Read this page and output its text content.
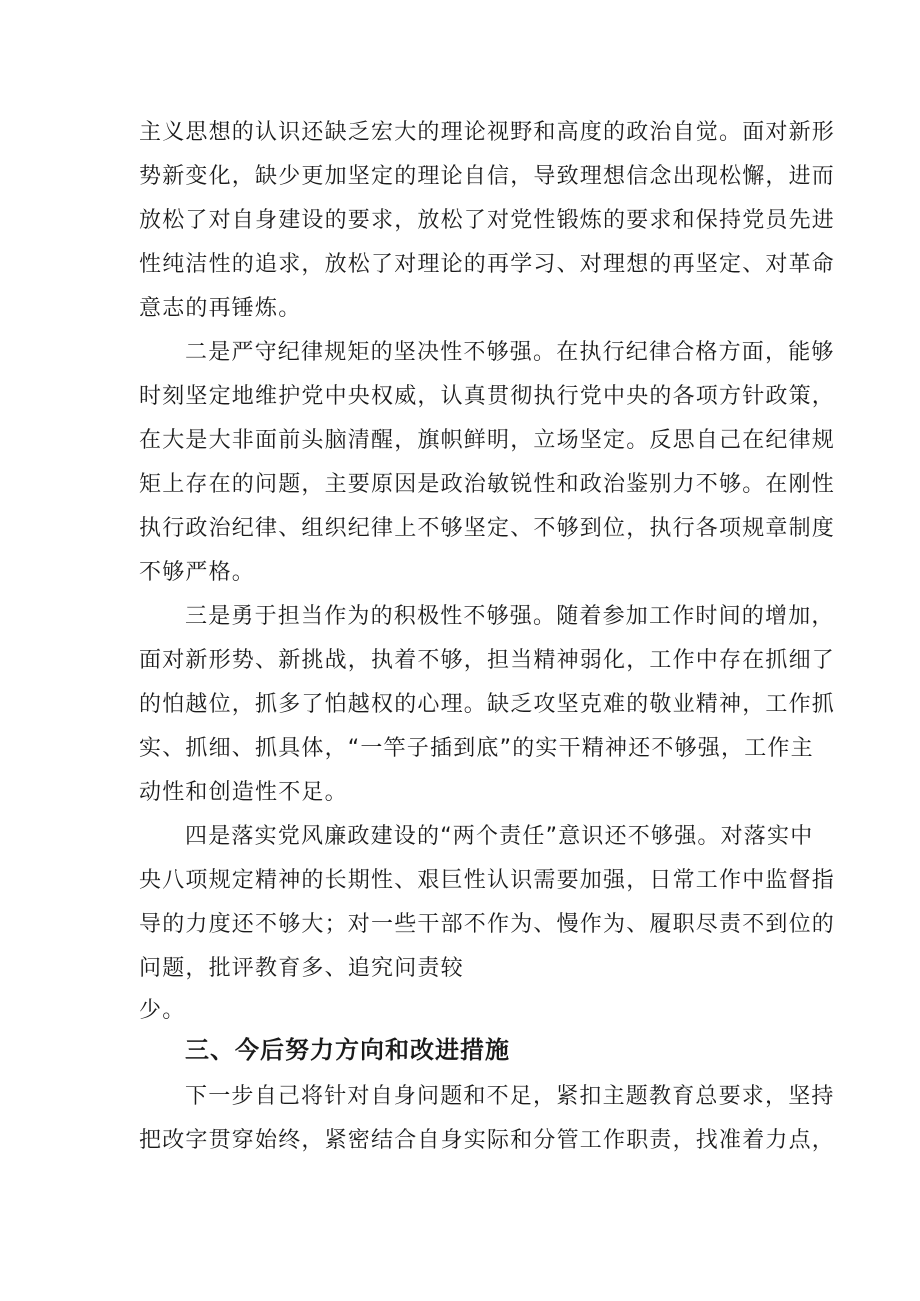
主义思想的认识还缺乏宏大的理论视野和高度的政治自觉。面对新形
势新变化，缺少更加坚定的理论自信，导致理想信念出现松懈，进而
放松了对自身建设的要求，放松了对党性锻炼的要求和保持党员先进
性纯洁性的追求，放松了对理论的再学习、对理想的再坚定、对革命
意志的再锤炼。
二是严守纪律规矩的坚决性不够强。在执行纪律合格方面，能够
时刻坚定地维护党中央权威，认真贯彻执行党中央的各项方针政策，
在大是大非面前头脑清醒，旗帜鲜明，立场坚定。反思自己在纪律规
矩上存在的问题，主要原因是政治敏锐性和政治鉴别力不够。在刚性
执行政治纪律、组织纪律上不够坚定、不够到位，执行各项规章制度
不够严格。
三是勇于担当作为的积极性不够强。随着参加工作时间的增加，
面对新形势、新挑战，执着不够，担当精神弱化，工作中存在抓细了
的怕越位，抓多了怕越权的心理。缺乏攻坚克难的敬业精神，工作抓
实、抓细、抓具体，“一竿子插到底”的实干精神还不够强，工作主
动性和创造性不足。
四是落实党风廉政建设的“两个责任”意识还不够强。对落实中
央八项规定精神的长期性、艰巨性认识需要加强，日常工作中监督指
导的力度还不够大；对一些干部不作为、慢作为、履职尽责不到位的
问题，批评教育多、追究问责较
少。
三、今后努力方向和改进措施
下一步自己将针对自身问题和不足，紧扣主题教育总要求，坚持
把改字贯穿始终，紧密结合自身实际和分管工作职责，找准着力点，
